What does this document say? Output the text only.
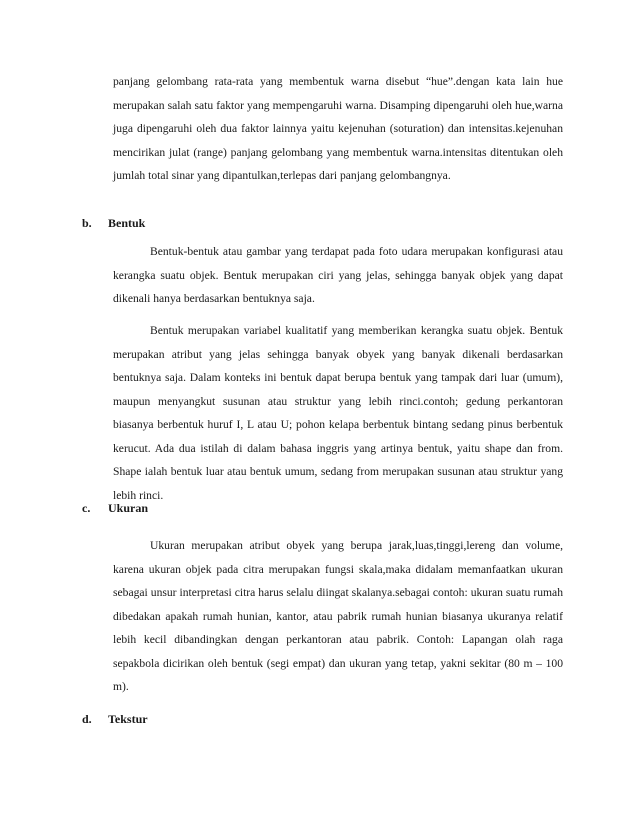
panjang gelombang rata-rata yang membentuk warna disebut “hue”.dengan kata lain hue merupakan salah satu faktor yang mempengaruhi warna. Disamping dipengaruhi oleh hue,warna juga dipengaruhi oleh dua faktor lainnya yaitu kejenuhan (soturation) dan intensitas.kejenuhan mencirikan julat (range) panjang gelombang yang membentuk warna.intensitas ditentukan oleh jumlah total sinar yang dipantulkan,terlepas dari panjang gelombangnya.

b. Bentuk

Bentuk-bentuk atau gambar yang terdapat pada foto udara merupakan konfigurasi atau kerangka suatu objek. Bentuk merupakan ciri yang jelas, sehingga banyak objek yang dapat dikenali hanya berdasarkan bentuknya saja.

Bentuk merupakan variabel kualitatif yang memberikan kerangka suatu objek. Bentuk merupakan atribut yang jelas sehingga banyak obyek yang banyak dikenali berdasarkan bentuknya saja. Dalam konteks ini bentuk dapat berupa bentuk yang tampak dari luar (umum), maupun menyangkut susunan atau struktur yang lebih rinci.contoh; gedung perkantoran biasanya berbentuk huruf I, L atau U; pohon kelapa berbentuk bintang sedang pinus berbentuk kerucut. Ada dua istilah di dalam bahasa inggris yang artinya bentuk, yaitu shape dan from. Shape ialah bentuk luar atau bentuk umum, sedang from merupakan susunan atau struktur yang lebih rinci.

c. Ukuran

Ukuran merupakan atribut obyek yang berupa jarak,luas,tinggi,lereng dan volume, karena ukuran objek pada citra merupakan fungsi skala,maka didalam memanfaatkan ukuran sebagai unsur interpretasi citra harus selalu diingat skalanya.sebagai contoh: ukuran suatu rumah dibedakan apakah rumah hunian, kantor, atau pabrik rumah hunian biasanya ukuranya relatif lebih kecil dibandingkan dengan perkantoran atau pabrik. Contoh: Lapangan olah raga sepakbola dicirikan oleh bentuk (segi empat) dan ukuran yang tetap, yakni sekitar (80 m – 100 m).

d. Tekstur
